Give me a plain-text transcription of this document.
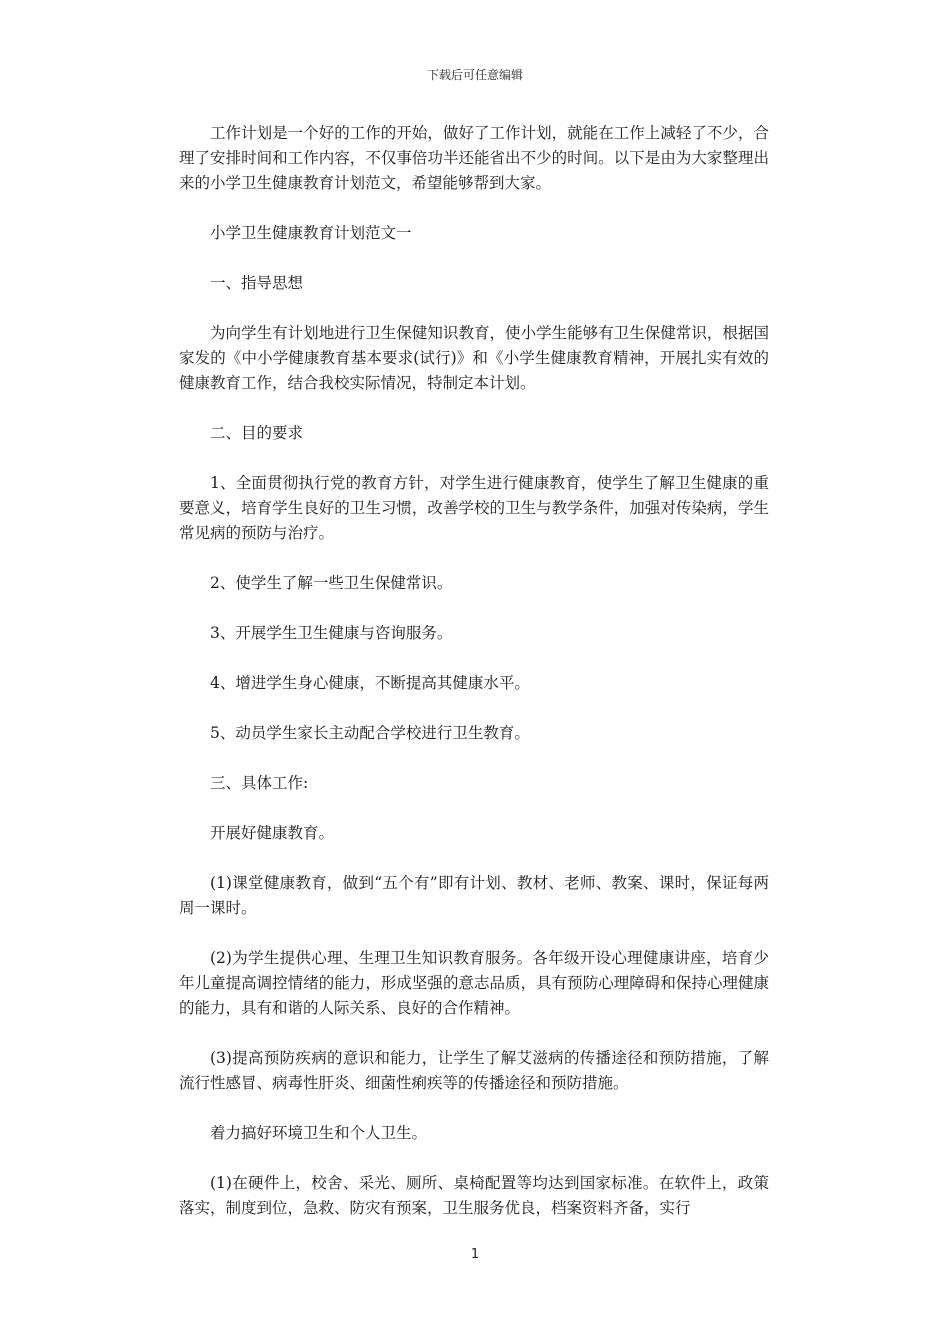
下载后可任意编辑

工作计划是一个好的工作的开始，做好了工作计划，就能在工作上减轻了不少，合理了安排时间和工作内容，不仅事倍功半还能省出不少的时间。以下是由为大家整理出来的小学卫生健康教育计划范文，希望能够帮到大家。

小学卫生健康教育计划范文一

一、指导思想

为向学生有计划地进行卫生保健知识教育，使小学生能够有卫生保健常识，根据国家发的《中小学健康教育基本要求(试行)》和《小学生健康教育精神，开展扎实有效的健康教育工作，结合我校实际情况，特制定本计划。

二、目的要求

1、全面贯彻执行党的教育方针，对学生进行健康教育，使学生了解卫生健康的重要意义，培育学生良好的卫生习惯，改善学校的卫生与教学条件，加强对传染病，学生常见病的预防与治疗。

2、使学生了解一些卫生保健常识。

3、开展学生卫生健康与咨询服务。

4、增进学生身心健康，不断提高其健康水平。

5、动员学生家长主动配合学校进行卫生教育。

三、具体工作:

开展好健康教育。

(1)课堂健康教育，做到“五个有”即有计划、教材、老师、教案、课时，保证每两周一课时。

(2)为学生提供心理、生理卫生知识教育服务。各年级开设心理健康讲座，培育少年儿童提高调控情绪的能力，形成坚强的意志品质，具有预防心理障碍和保持心理健康的能力，具有和谐的人际关系、良好的合作精神。

(3)提高预防疾病的意识和能力，让学生了解艾滋病的传播途径和预防措施，了解流行性感冒、病毒性肝炎、细菌性痢疾等的传播途径和预防措施。

着力搞好环境卫生和个人卫生。

(1)在硬件上，校舍、采光、厕所、桌椅配置等均达到国家标准。在软件上，政策落实，制度到位，急救、防灾有预案，卫生服务优良，档案资料齐备，实行

1
